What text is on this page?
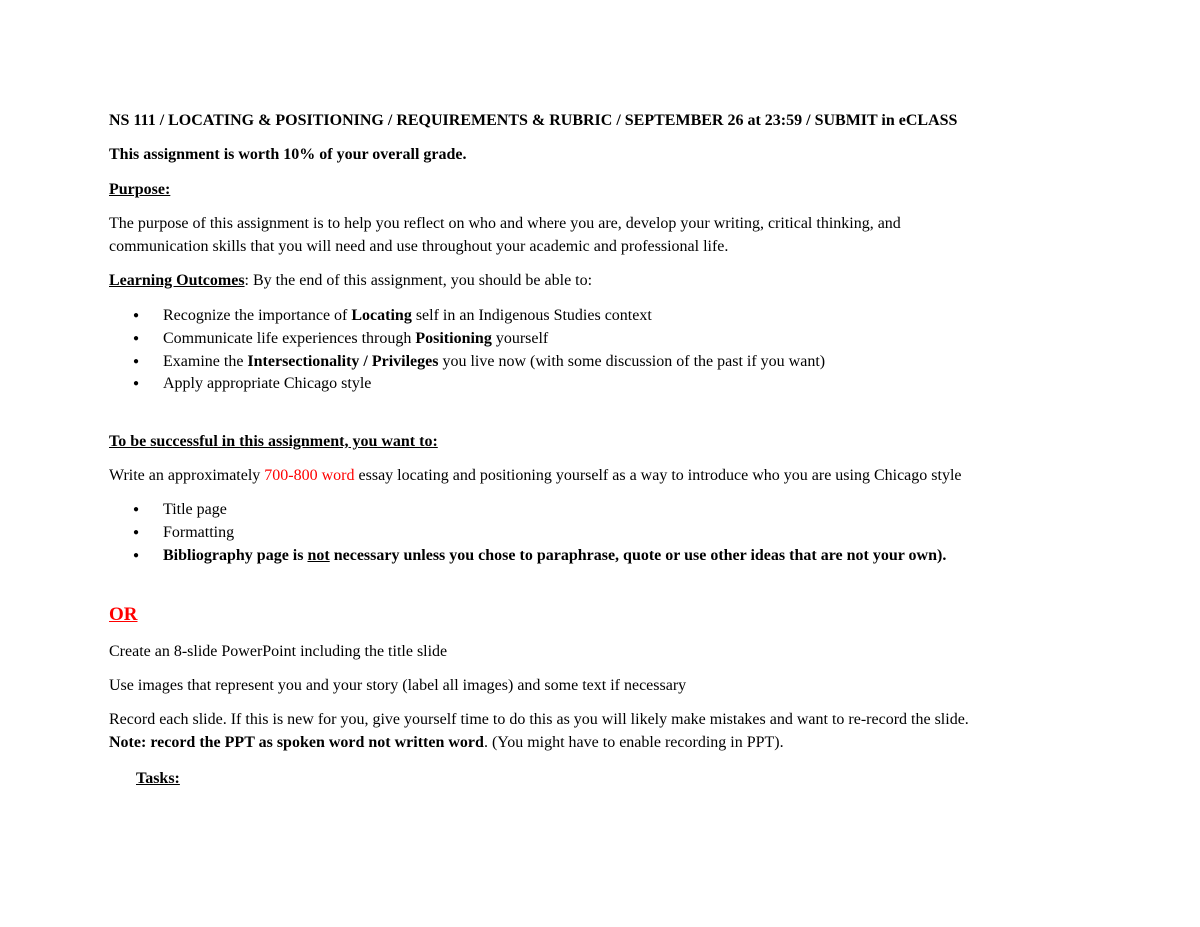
NS 111 / LOCATING & POSITIONING / REQUIREMENTS & RUBRIC / SEPTEMBER 26 at 23:59 / SUBMIT in eCLASS
This assignment is worth 10% of your overall grade.
Purpose:
The purpose of this assignment is to help you reflect on who and where you are, develop your writing, critical thinking, and
communication skills that you will need and use throughout your academic and professional life.
Learning Outcomes: By the end of this assignment, you should be able to:
●
Recognize the importance of Locating self in an Indigenous Studies context
●
Communicate life experiences through Positioning yourself
●
Examine the Intersectionality / Privileges you live now (with some discussion of the past if you want)
●
Apply appropriate Chicago style
To be successful in this assignment, you want to:
Write an approximately 700-800 word essay locating and positioning yourself as a way to introduce who you are using Chicago style
●
Title page
●
Formatting
●
Bibliography page is not necessary unless you chose to paraphrase, quote or use other ideas that are not your own).
OR
Create an 8-slide PowerPoint including the title slide
Use images that represent you and your story (label all images) and some text if necessary
Record each slide. If this is new for you, give yourself time to do this as you will likely make mistakes and want to re-record the slide.
Note: record the PPT as spoken word not written word. (You might have to enable recording in PPT).
Tasks:
